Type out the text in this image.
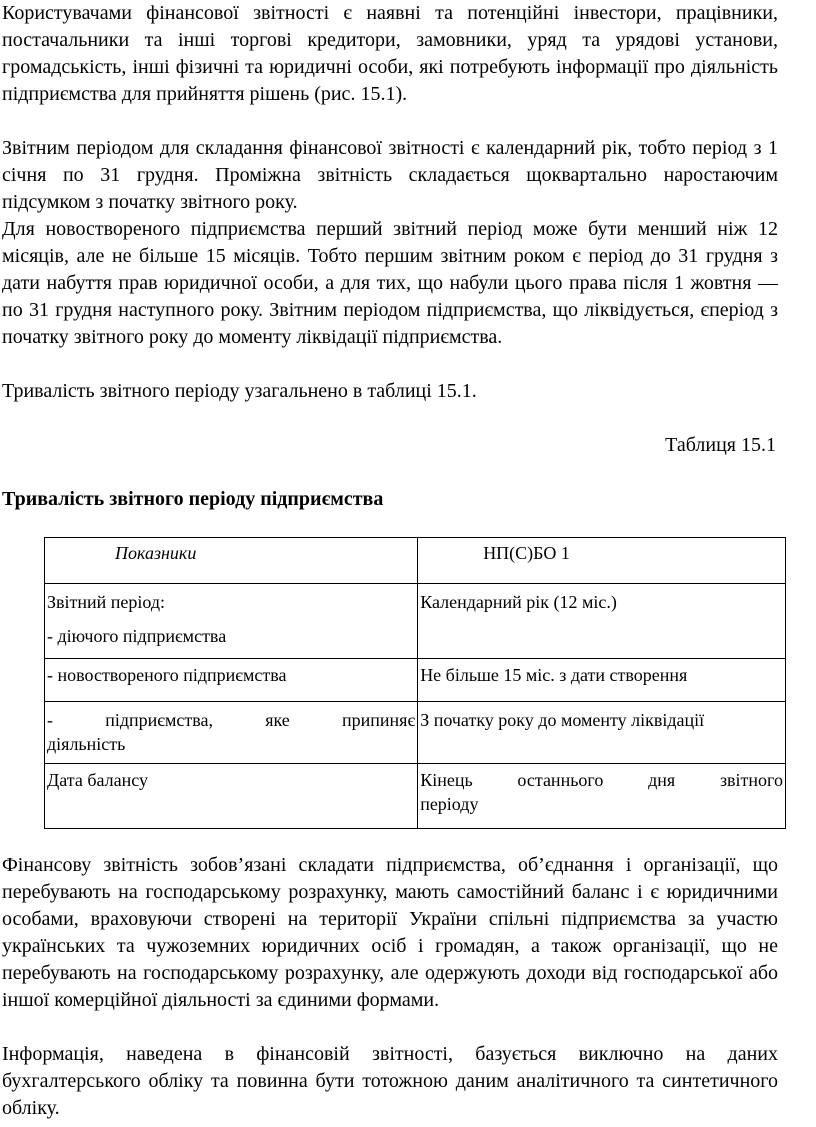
Користувачами фінансової звітності є наявні та потенційні інвестори, працівники, постачальники та інші торгові кредитори, замовники, уряд та урядові установи, громадськість, інші фізичні та юридичні особи, які потребують інформації про діяльність підприємства для прийняття рішень (рис. 15.1).

Звітним періодом для складання фінансової звітності є календарний рік, тобто період з 1 січня по 31 грудня. Проміжна звітність складається щоквартально наростаючим підсумком з початку звітного року.

Для новоствореного підприємства перший звітний період може бути менший ніж 12 місяців, але не більше 15 місяців. Тобто першим звітним роком є період до 31 грудня з дати набуття прав юридичної особи, а для тих, що набули цього права після 1 жовтня — по 31 грудня наступного року. Звітним періодом підприємства, що ліквідується, єперіод з початку звітного року до моменту ліквідації підприємства.

Тривалість звітного періоду узагальнено в таблиці 15.1.

Таблиця 15.1
Тривалість звітного періоду підприємства
Показники	НП(С)БО 1

Звітний період:
- діючого підприємства	Календарний рік (12 міс.)
- новоствореного підприємства	Не більше 15 міс. з дати створення

- підприємства, яке припиняє
діяльність	З початку року до моменту ліквідації
Дата балансу	Кінець останнього дня звітного
періоду

Фінансову звітність зобов’язані складати підприємства, об’єднання і організації, що перебувають на господарському розрахунку, мають самостійний баланс і є юридичними особами, враховуючи створені на території України спільні підприємства за участю українських та чужоземних юридичних осіб і громадян, а також організації, що не перебувають на господарському розрахунку, але одержують доходи від господарської або іншої комерційної діяльності за єдиними формами.

Інформація, наведена в фінансовій звітності, базується виключно на даних бухгалтерського обліку та повинна бути тотожною даним аналітичного та синтетичного обліку.
